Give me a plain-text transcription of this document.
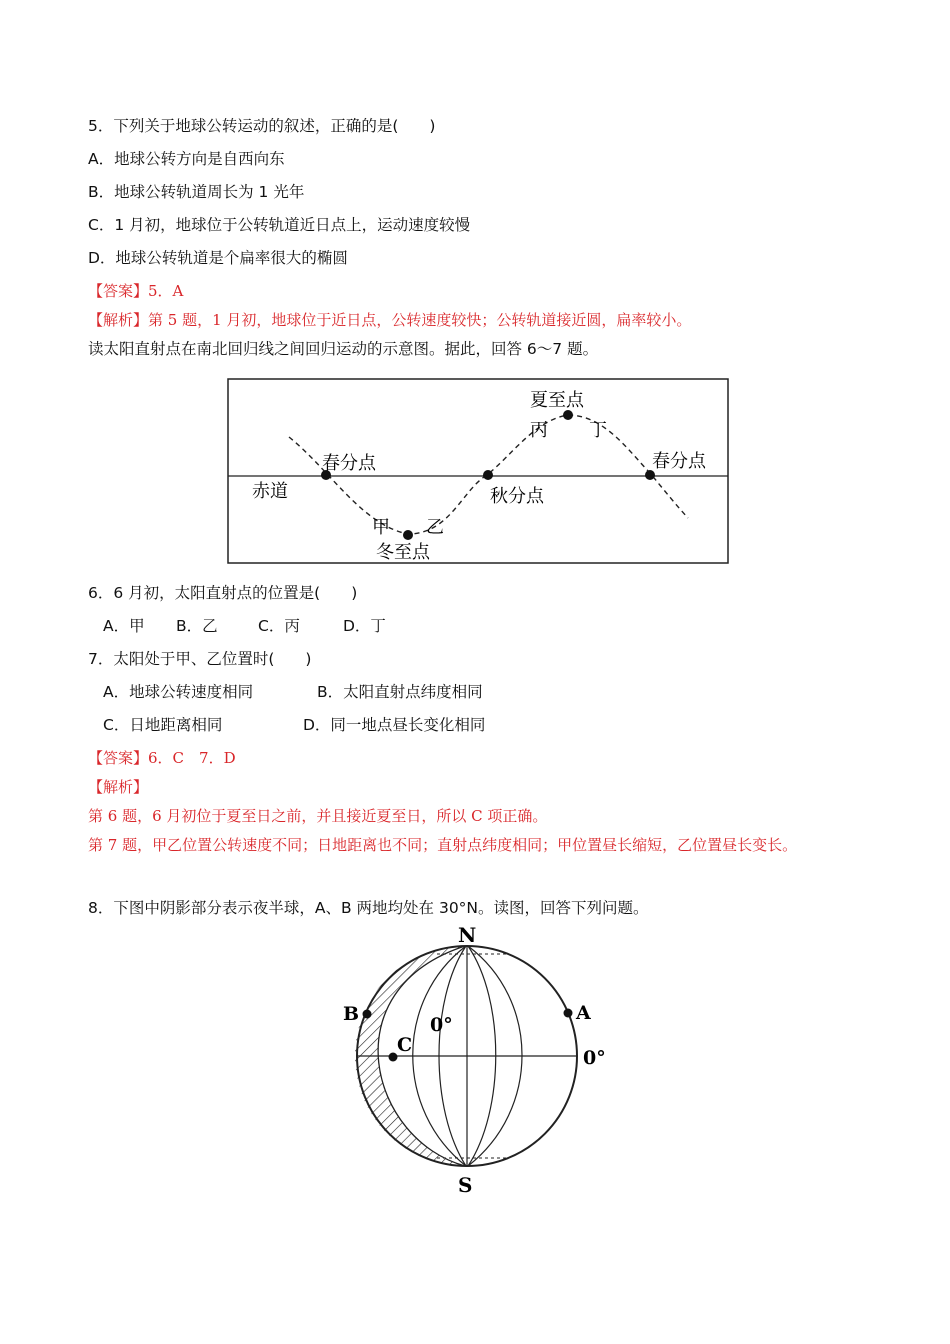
5．下列关于地球公转运动的叙述，正确的是(　　)
A．地球公转方向是自西向东
B．地球公转轨道周长为 1 光年
C．1 月初，地球位于公转轨道近日点上，运动速度较慢
D．地球公转轨道是个扁率很大的椭圆
【答案】5．A
【解析】第 5 题，1 月初，地球位于近日点，公转速度较快；公转轨道接近圆，扁率较小。
读太阳直射点在南北回归线之间回归运动的示意图。据此，回答 6～7 题。
赤道
春分点
甲 乙
冬至点
秋分点
夏至点
丙 丁
春分点
6．6 月初，太阳直射点的位置是(　　)
A．甲 B．乙	C．丙	D．丁
7．太阳处于甲、乙位置时(　　)
A．地球公转速度相同	B．太阳直射点纬度相同
C．日地距离相同	D．同一地点昼长变化相同
【答案】6．C　7．D
【解析】
第 6 题，6 月初位于夏至日之前，并且接近夏至日，所以 C 项正确。
第 7 题，甲乙位置公转速度不同；日地距离也不同；直射点纬度相同；甲位置昼长缩短，乙位置昼长变长。
8．下图中阴影部分表示夜半球，A、B 两地均处在 30°N。读图，回答下列问题。
N
S
B	A
C
0°
0°
